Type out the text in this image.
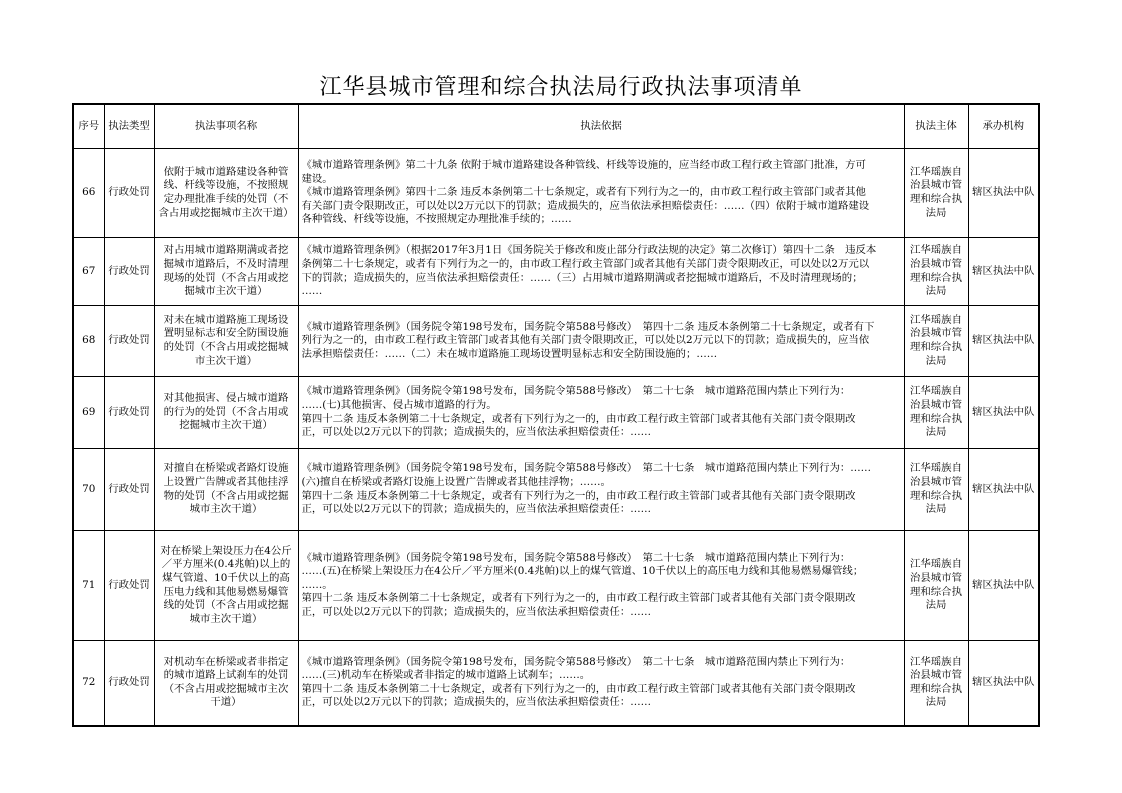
江华县城市管理和综合执法局行政执法事项清单
序号	执法类型	执法事项名称	执法依据	执法主体	承办机构
66	行政处罚	依附于城市道路建设各种管线、杆线等设施，不按照规定办理批准手续的处罚（不含占用或挖掘城市主次干道）	《城市道路管理条例》第二十九条 依附于城市道路建设各种管线、杆线等设施的，应当经市政工程行政主管部门批准，方可
建设。
《城市道路管理条例》第四十二条 违反本条例第二十七条规定，或者有下列行为之一的，由市政工程行政主管部门或者其他
有关部门责令限期改正，可以处以2万元以下的罚款；造成损失的，应当依法承担赔偿责任：……（四）依附于城市道路建设
各种管线、杆线等设施，不按照规定办理批准手续的；……	江华瑶族自治县城市管理和综合执法局	辖区执法中队
67	行政处罚	对占用城市道路期满或者挖掘城市道路后，不及时清理现场的处罚（不含占用或挖掘城市主次干道）	《城市道路管理条例》（根据2017年3月1日《国务院关于修改和废止部分行政法规的决定》第二次修订）第四十二条　违反本
条例第二十七条规定，或者有下列行为之一的，由市政工程行政主管部门或者其他有关部门责令限期改正，可以处以2万元以
下的罚款；造成损失的，应当依法承担赔偿责任：……（三）占用城市道路期满或者挖掘城市道路后，不及时清理现场的；
……	江华瑶族自治县城市管理和综合执法局	辖区执法中队
68	行政处罚	对未在城市道路施工现场设置明显标志和安全防围设施的处罚（不含占用或挖掘城市主次干道）	《城市道路管理条例》（国务院令第198号发布，国务院令第588号修改）　第四十二条 违反本条例第二十七条规定，或者有下
列行为之一的，由市政工程行政主管部门或者其他有关部门责令限期改正，可以处以2万元以下的罚款；造成损失的，应当依
法承担赔偿责任：……（二）未在城市道路施工现场设置明显标志和安全防围设施的；……	江华瑶族自治县城市管理和综合执法局	辖区执法中队
69	行政处罚	对其他损害、侵占城市道路的行为的处罚（不含占用或挖掘城市主次干道）	《城市道路管理条例》（国务院令第198号发布，国务院令第588号修改）　第二十七条　城市道路范围内禁止下列行为：
……(七)其他损害、侵占城市道路的行为。
第四十二条 违反本条例第二十七条规定，或者有下列行为之一的，由市政工程行政主管部门或者其他有关部门责令限期改
正，可以处以2万元以下的罚款；造成损失的，应当依法承担赔偿责任：……	江华瑶族自治县城市管理和综合执法局	辖区执法中队
70	行政处罚	对擅自在桥梁或者路灯设施上设置广告牌或者其他挂浮物的处罚（不含占用或挖掘城市主次干道）	《城市道路管理条例》（国务院令第198号发布，国务院令第588号修改）　第二十七条　城市道路范围内禁止下列行为：……
(六)擅自在桥梁或者路灯设施上设置广告牌或者其他挂浮物；……。
第四十二条 违反本条例第二十七条规定，或者有下列行为之一的，由市政工程行政主管部门或者其他有关部门责令限期改
正，可以处以2万元以下的罚款；造成损失的，应当依法承担赔偿责任：……	江华瑶族自治县城市管理和综合执法局	辖区执法中队
71	行政处罚	对在桥梁上架设压力在4公斤／平方厘米(0.4兆帕)以上的煤气管道、10千伏以上的高压电力线和其他易燃易爆管线的处罚（不含占用或挖掘城市主次干道）	《城市道路管理条例》（国务院令第198号发布，国务院令第588号修改）　第二十七条　城市道路范围内禁止下列行为：
……(五)在桥梁上架设压力在4公斤／平方厘米(0.4兆帕)以上的煤气管道、10千伏以上的高压电力线和其他易燃易爆管线；
……。
第四十二条 违反本条例第二十七条规定，或者有下列行为之一的，由市政工程行政主管部门或者其他有关部门责令限期改
正，可以处以2万元以下的罚款；造成损失的，应当依法承担赔偿责任：……	江华瑶族自治县城市管理和综合执法局	辖区执法中队
72	行政处罚	对机动车在桥梁或者非指定的城市道路上试刹车的处罚（不含占用或挖掘城市主次干道）	《城市道路管理条例》（国务院令第198号发布，国务院令第588号修改）　第二十七条　城市道路范围内禁止下列行为：
……(三)机动车在桥梁或者非指定的城市道路上试刹车；……。
第四十二条 违反本条例第二十七条规定，或者有下列行为之一的，由市政工程行政主管部门或者其他有关部门责令限期改
正，可以处以2万元以下的罚款；造成损失的，应当依法承担赔偿责任：……	江华瑶族自治县城市管理和综合执法局	辖区执法中队
